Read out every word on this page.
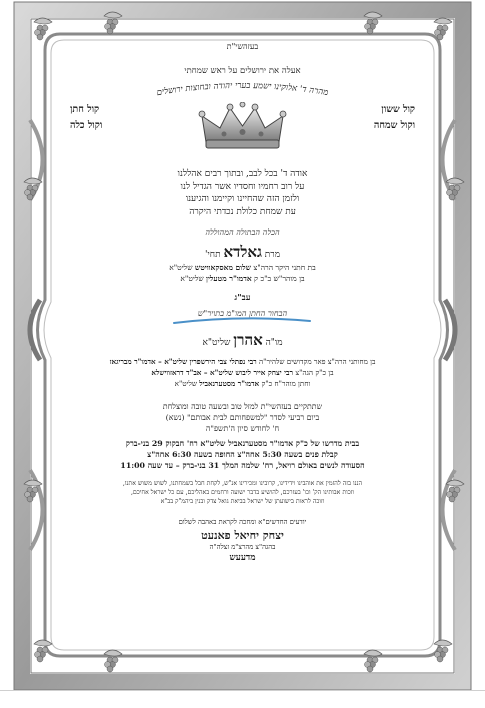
בעזהשי"ת
אעלה את ירושלים על ראש שמחתי
מהרה ד' אלוקינו ישמע בערי יהודה ובחוצות ירושלים
קול ששון
וקול שמחה
קול חתן
וקול כלה
אודה ד' בכל לבב, ובתוך רבים אהללנו
על רוב רחמיו וחסדיו אשר הגדיל לנו
ולזמן הזה שהחיינו וקיימנו והגיענו
עת שמחת כלולת נכדתי היקרה
הכלה הבתולה המהוללה
מרת גאלדא תחי'
בת חתני היקר הרה"צ שלום מאסקאוויטש שליט"א
בן מוהר"ש ב"כ ק אדמו"ר מטעלין שליט"א
עב"ג
הבחור החתן המו"מ בתויר"ש
מו"ה אהרן שליט"א
בן מחותני הרה"צ פאר מקדושים שלהיר"ה רבי נפתלי צבי הירשפרין שליט"א – אדמו"ר מבריגאז
בן כ"ק הגה"צ רבי יצחק אייר ליבוש שליט"א – אב"ד דראזווישלא
וחתן מוהר"ח כ"ק אדמו"ר מסטערנאביל שליט"א
שתתקיים בעזהשי"ת למזל טוב ובשעה טובה ומוצלחת
ביום רביעי לסדר "למשפחותם לבית אבותם" (נשא)
ח' לחודש סיון ה'תשפ"ה
בבית מדרשו של כ"ק אדמו"ר מסטערנאביל שליט"א רח' חבקוק 29 בני-ברק
קבלת פנים בשעה 5:30 אחה"צ החופה בשעה 6:30 אחה"צ
הסעודה לנשים באולם רויאל, רח' שלמה המלך 31 בני-ברק – עד שעה 11:00
הננו בזה להזמין את אוהבינו וידידינו, קרובינו ומכירינו אנ"ש, לקחת חבל בשמחתנו, לשוש משוש אתנו,
וזכות אבותינו הק' וכו' בעזרכם, להושיע בדבר ישועה ורחמים באהליכם, עם כל ישראל אחיכם,
וזוכה לראות בישועתן של ישראל בביאת גואל צדק ובנין ביהמ"ק בב"א
יודעים החדשים"א ומחכה לקראת באהבה לשלום
יצחק יחיאל פאנעט
בהגה"צ מהרצ"מ זצלה"ה
מדעעש
